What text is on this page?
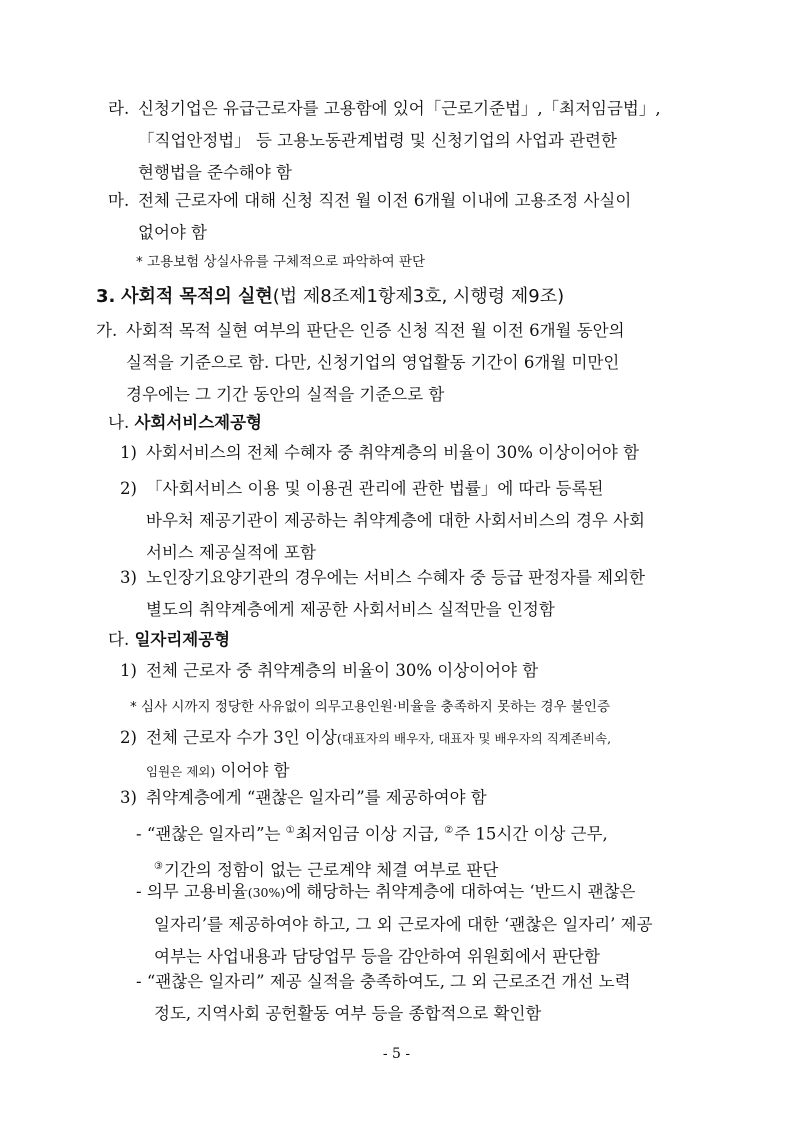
라. 신청기업은 유급근로자를 고용함에 있어「근로기준법」,「최저임금법」,
「직업안정법」 등 고용노동관계법령 및 신청기업의 사업과 관련한
현행법을 준수해야 함
마. 전체 근로자에 대해 신청 직전 월 이전 6개월 이내에 고용조정 사실이
없어야 함
* 고용보험 상실사유를 구체적으로 파악하여 판단
3. 사회적 목적의 실현(법 제8조제1항제3호, 시행령 제9조)
가. 사회적 목적 실현 여부의 판단은 인증 신청 직전 월 이전 6개월 동안의
실적을 기준으로 함. 다만, 신청기업의 영업활동 기간이 6개월 미만인
경우에는 그 기간 동안의 실적을 기준으로 함
나. 사회서비스제공형
1) 사회서비스의 전체 수혜자 중 취약계층의 비율이 30% 이상이어야 함
2) 「사회서비스 이용 및 이용권 관리에 관한 법률」에 따라 등록된
바우처 제공기관이 제공하는 취약계층에 대한 사회서비스의 경우 사회
서비스 제공실적에 포함
3) 노인장기요양기관의 경우에는 서비스 수혜자 중 등급 판정자를 제외한
별도의 취약계층에게 제공한 사회서비스 실적만을 인정함
다. 일자리제공형
1) 전체 근로자 중 취약계층의 비율이 30% 이상이어야 함
* 심사 시까지 정당한 사유없이 의무고용인원·비율을 충족하지 못하는 경우 불인증
2) 전체 근로자 수가 3인 이상(대표자의 배우자, 대표자 및 배우자의 직계존비속,
임원은 제외) 이어야 함
3) 취약계층에게 “괜찮은 일자리”를 제공하여야 함
- “괜찮은 일자리”는 ①최저임금 이상 지급, ②주 15시간 이상 근무,
③기간의 정함이 없는 근로계약 체결 여부로 판단
- 의무 고용비율(30%)에 해당하는 취약계층에 대하여는 ‘반드시 괜찮은
일자리’를 제공하여야 하고, 그 외 근로자에 대한 ‘괜찮은 일자리’ 제공
여부는 사업내용과 담당업무 등을 감안하여 위원회에서 판단함
- “괜찮은 일자리” 제공 실적을 충족하여도, 그 외 근로조건 개선 노력
정도, 지역사회 공헌활동 여부 등을 종합적으로 확인함
- 5 -
